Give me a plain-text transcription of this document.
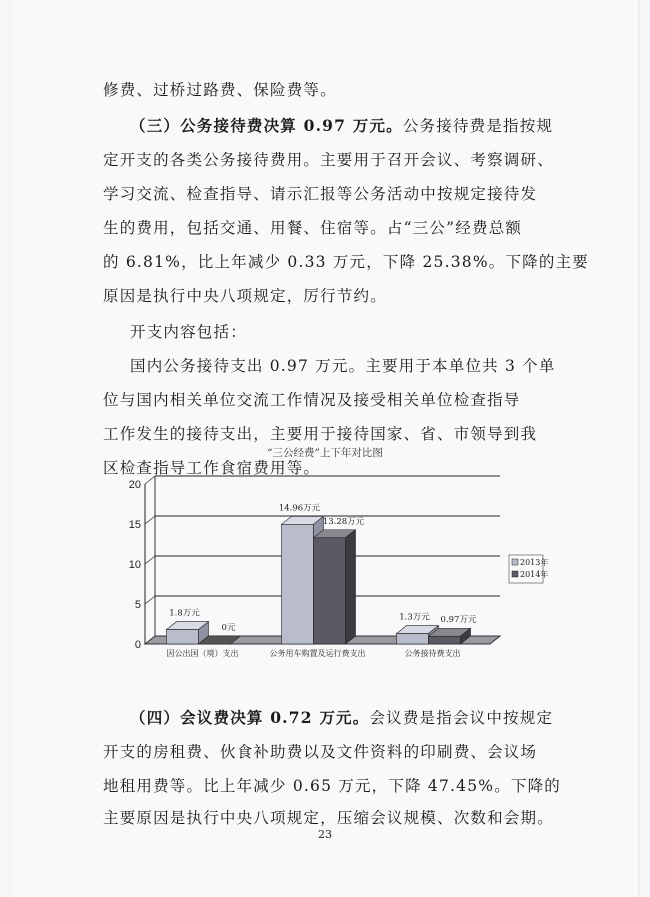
修费、过桥过路费、保险费等。
（三）公务接待费决算 0.97 万元。公务接待费是指按规
定开支的各类公务接待费用。主要用于召开会议、考察调研、
学习交流、检查指导、请示汇报等公务活动中按规定接待发
生的费用，包括交通、用餐、住宿等。占“三公”经费总额
的 6.81%，比上年减少 0.33 万元，下降 25.38%。下降的主要
原因是执行中央八项规定，厉行节约。
开支内容包括：
国内公务接待支出 0.97 万元。主要用于本单位共 3 个单
位与国内相关单位交流工作情况及接受相关单位检查指导
工作发生的接待支出，主要用于接待国家、省、市领导到我
区检查指导工作食宿费用等。
“三公经费”上下年对比图
0
5
10
15
20
1.8万元
0元
因公出国（境）支出
14.96万元
13.28万元
公务用车购置及运行费支出
1.3万元 0.97万元
公务接待费支出
2013年
2014年
（四）会议费决算 0.72 万元。会议费是指会议中按规定
开支的房租费、伙食补助费以及文件资料的印刷费、会议场
地租用费等。比上年减少 0.65 万元，下降 47.45%。下降的
主要原因是执行中央八项规定，压缩会议规模、次数和会期。
23
